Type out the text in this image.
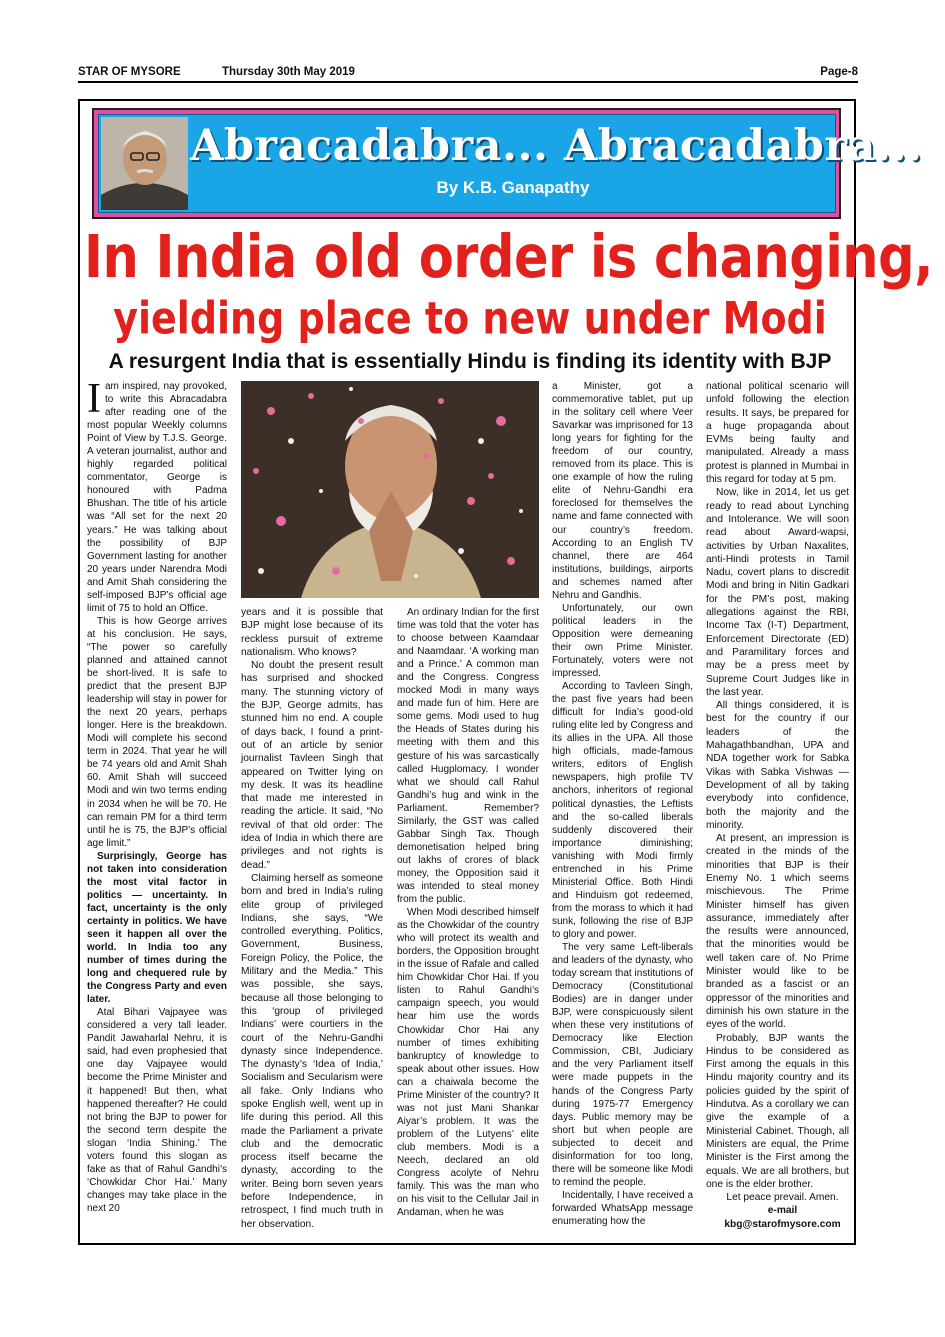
STAR OF MYSORE	Thursday 30th May 2019	Page-8
Abracadabra... Abracadabra...
By K.B. Ganapathy
In India old order is changing,
yielding place to new under Modi
A resurgent India that is essentially Hindu is finding its identity with BJP
I am inspired, nay provoked, to write this Abracadabra after reading one of the most popular Weekly columns Point of View by T.J.S. George. A veteran journalist, author and highly regarded political commentator, George is honoured with Padma Bhushan. The title of his article was “All set for the next 20 years.” He was talking about the possibility of BJP Government lasting for another 20 years under Narendra Modi and Amit Shah considering the self-imposed BJP’s official age limit of 75 to hold an Office.

This is how George arrives at his conclusion. He says, “The power so carefully planned and attained cannot be short-lived. It is safe to predict that the present BJP leadership will stay in power for the next 20 years, perhaps longer. Here is the breakdown. Modi will complete his second term in 2024. That year he will be 74 years old and Amit Shah 60. Amit Shah will succeed Modi and win two terms ending in 2034 when he will be 70. He can remain PM for a third term until he is 75, the BJP’s official age limit.”

Surprisingly, George has not taken into consideration the most vital factor in politics — uncertainty. In fact, uncertainty is the only certainty in politics. We have seen it happen all over the world. In India too any number of times during the long and chequered rule by the Congress Party and even later.

Atal Bihari Vajpayee was considered a very tall leader. Pandit Jawaharlal Nehru, it is said, had even prophesied that one day Vajpayee would become the Prime Minister and it happened! But then, what happened thereafter? He could not bring the BJP to power for the second term despite the slogan ‘India Shining.’ The voters found this slogan as fake as that of Rahul Gandhi’s ‘Chowkidar Chor Hai.’ Many changes may take place in the next 20

years and it is possible that BJP might lose because of its reckless pursuit of extreme nationalism. Who knows?

No doubt the present result has surprised and shocked many. The stunning victory of the BJP, George admits, has stunned him no end. A couple of days back, I found a print-out of an article by senior journalist Tavleen Singh that appeared on Twitter lying on my desk. It was its headline that made me interested in reading the article. It said, “No revival of that old order: The idea of India in which there are privileges and not rights is dead.”

Claiming herself as someone born and bred in India’s ruling elite group of privileged Indians, she says, “We controlled everything. Politics, Government, Business, Foreign Policy, the Police, the Military and the Media.” This was possible, she says, because all those belonging to this ‘group of privileged Indians’ were courtiers in the court of the Nehru-Gandhi dynasty since Independence. The dynasty’s ‘Idea of India,’ Socialism and Secularism were all fake. Only Indians who spoke English well, went up in life during this period. All this made the Parliament a private club and the democratic process itself became the dynasty, according to the writer. Being born seven years before Independence, in retrospect, I find much truth in her observation.

An ordinary Indian for the first time was told that the voter has to choose between Kaamdaar and Naamdaar. ‘A working man and a Prince.’ A common man and the Congress. Congress mocked Modi in many ways and made fun of him. Here are some gems. Modi used to hug the Heads of States during his meeting with them and this gesture of his was sarcastically called Hugplomacy. I wonder what we should call Rahul Gandhi’s hug and wink in the Parliament. Remember? Similarly, the GST was called Gabbar Singh Tax. Though demonetisation helped bring out lakhs of crores of black money, the Opposition said it was intended to steal money from the public.

When Modi described himself as the Chowkidar of the country who will protect its wealth and borders, the Opposition brought in the issue of Rafale and called him Chowkidar Chor Hai. If you listen to Rahul Gandhi’s campaign speech, you would hear him use the words Chowkidar Chor Hai any number of times exhibiting bankruptcy of knowledge to speak about other issues. How can a chaiwala become the Prime Minister of the country? It was not just Mani Shankar Aiyar’s problem. It was the problem of the Lutyens’ elite club members. Modi is a Neech, declared an old Congress acolyte of Nehru family. This was the man who on his visit to the Cellular Jail in Andaman, when he was

a Minister, got a commemorative tablet, put up in the solitary cell where Veer Savarkar was imprisoned for 13 long years for fighting for the freedom of our country, removed from its place. This is one example of how the ruling elite of Nehru-Gandhi era foreclosed for themselves the name and fame connected with our country’s freedom. According to an English TV channel, there are 464 institutions, buildings, airports and schemes named after Nehru and Gandhis.

Unfortunately, our own political leaders in the Opposition were demeaning their own Prime Minister. Fortunately, voters were not impressed.

According to Tavleen Singh, the past five years had been difficult for India’s good-old ruling elite led by Congress and its allies in the UPA. All those high officials, made-famous writers, editors of English newspapers, high profile TV anchors, inheritors of regional political dynasties, the Leftists and the so-called liberals suddenly discovered their importance diminishing; vanishing with Modi firmly entrenched in his Prime Ministerial Office. Both Hindi and Hinduism got redeemed, from the morass to which it had sunk, following the rise of BJP to glory and power.

The very same Left-liberals and leaders of the dynasty, who today scream that institutions of Democracy (Constitutional Bodies) are in danger under BJP, were conspicuously silent when these very institutions of Democracy like Election Commission, CBI, Judiciary and the very Parliament itself were made puppets in the hands of the Congress Party during 1975-77 Emergency days. Public memory may be short but when people are subjected to deceit and disinformation for too long, there will be someone like Modi to remind the people.

Incidentally, I have received a forwarded WhatsApp message enumerating how the

national political scenario will unfold following the election results. It says, be prepared for a huge propaganda about EVMs being faulty and manipulated. Already a mass protest is planned in Mumbai in this regard for today at 5 pm.

Now, like in 2014, let us get ready to read about Lynching and Intolerance. We will soon read about Award-wapsi, activities by Urban Naxalites, anti-Hindi protests in Tamil Nadu, covert plans to discredit Modi and bring in Nitin Gadkari for the PM’s post, making allegations against the RBI, Income Tax (I-T) Department, Enforcement Directorate (ED) and Paramilitary forces and may be a press meet by Supreme Court Judges like in the last year.

All things considered, it is best for the country if our leaders of the Mahagathbandhan, UPA and NDA together work for Sabka Vikas with Sabka Vishwas — Development of all by taking everybody into confidence, both the majority and the minority.

At present, an impression is created in the minds of the minorities that BJP is their Enemy No. 1 which seems mischievous. The Prime Minister himself has given assurance, immediately after the results were announced, that the minorities would be well taken care of. No Prime Minister would like to be branded as a fascist or an oppressor of the minorities and diminish his own stature in the eyes of the world.

Probably, BJP wants the Hindus to be considered as First among the equals in this Hindu majority country and its policies guided by the spirit of Hindutva. As a corollary we can give the example of a Ministerial Cabinet. Though, all Ministers are equal, the Prime Minister is the First among the equals. We are all brothers, but one is the elder brother.

Let peace prevail. Amen.

e-mail

kbg@starofmysore.com
